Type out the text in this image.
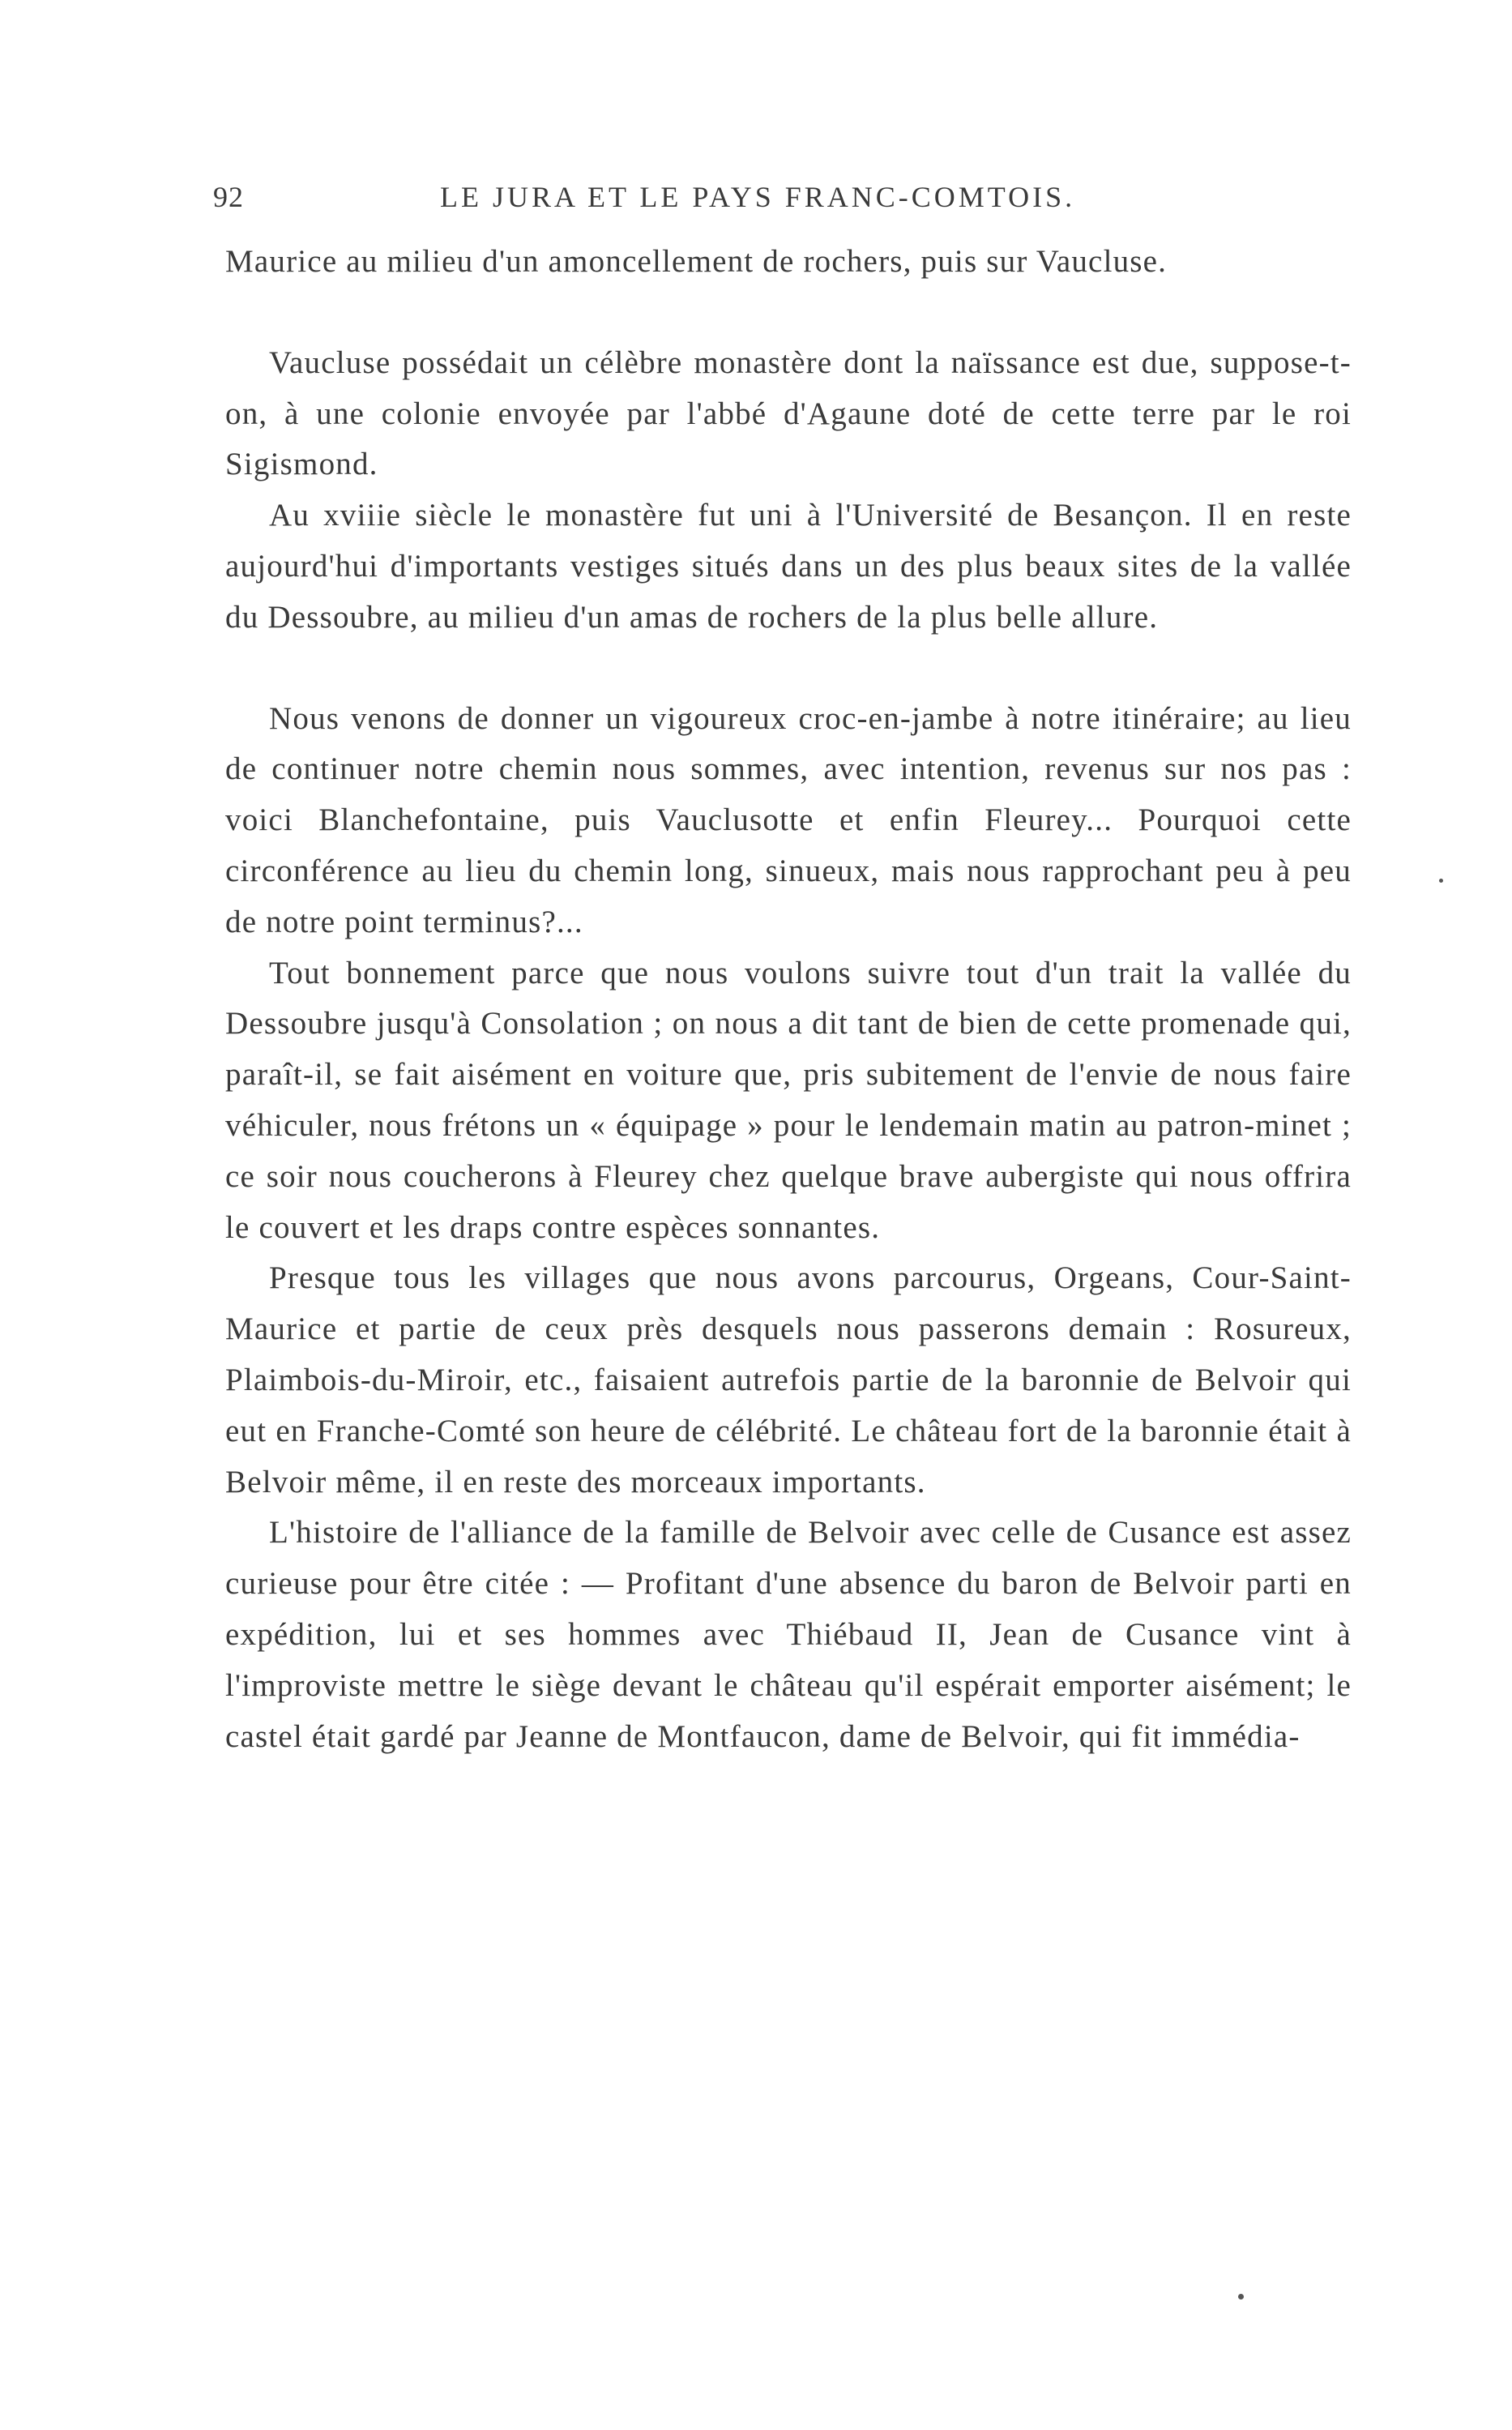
92	LE JURA ET LE PAYS FRANC-COMTOIS.

Maurice au milieu d'un amoncellement de rochers, puis sur Vaucluse.

Vaucluse possédait un célèbre monastère dont la naïssance est due, suppose-t-on, à une colonie envoyée par l'abbé d'Agaune doté de cette terre par le roi Sigismond.

Au xviiie siècle le monastère fut uni à l'Université de Besançon. Il en reste aujourd'hui d'importants vestiges situés dans un des plus beaux sites de la vallée du Dessoubre, au milieu d'un amas de rochers de la plus belle allure.

Nous venons de donner un vigoureux croc-en-jambe à notre itinéraire; au lieu de continuer notre chemin nous sommes, avec intention, revenus sur nos pas : voici Blanchefontaine, puis Vauclusotte et enfin Fleurey... Pourquoi cette circonférence au lieu du chemin long, sinueux, mais nous rapprochant peu à peu de notre point terminus?...

Tout bonnement parce que nous voulons suivre tout d'un trait la vallée du Dessoubre jusqu'à Consolation ; on nous a dit tant de bien de cette promenade qui, paraît-il, se fait aisément en voiture que, pris subitement de l'envie de nous faire véhiculer, nous frétons un « équipage » pour le lendemain matin au patron-minet ; ce soir nous coucherons à Fleurey chez quelque brave aubergiste qui nous offrira le couvert et les draps contre espèces sonnantes.

Presque tous les villages que nous avons parcourus, Orgeans, Cour-Saint-Maurice et partie de ceux près desquels nous passerons demain : Rosureux, Plaimbois-du-Miroir, etc., faisaient autrefois partie de la baronnie de Belvoir qui eut en Franche-Comté son heure de célébrité. Le château fort de la baronnie était à Belvoir même, il en reste des morceaux importants.

L'histoire de l'alliance de la famille de Belvoir avec celle de Cusance est assez curieuse pour être citée : — Profitant d'une absence du baron de Belvoir parti en expédition, lui et ses hommes avec Thiébaud II, Jean de Cusance vint à l'improviste mettre le siège devant le château qu'il espérait emporter aisément; le castel était gardé par Jeanne de Montfaucon, dame de Belvoir, qui fit immédia-
